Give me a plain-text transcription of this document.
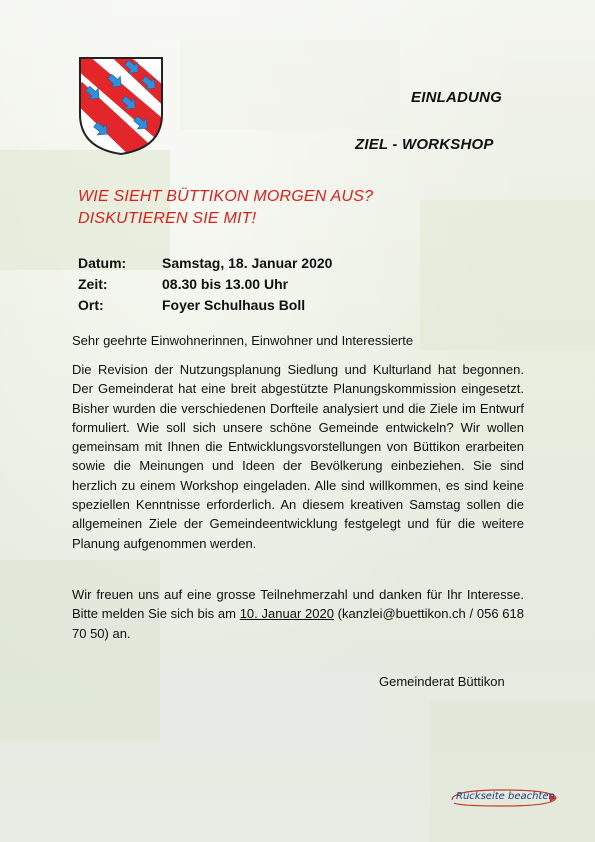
EINLADUNG
ZIEL - WORKSHOP
WIE SIEHT BÜTTIKON MORGEN AUS?
DISKUTIEREN SIE MIT!
Datum:	Samstag, 18. Januar 2020
Zeit:	08.30 bis 13.00 Uhr
Ort:	Foyer Schulhaus Boll
Sehr geehrte Einwohnerinnen, Einwohner und Interessierte
Die Revision der Nutzungsplanung Siedlung und Kulturland hat begonnen. Der Gemeinderat hat eine breit abgestützte Planungskommission eingesetzt. Bisher wurden die verschiedenen Dorfteile analysiert und die Ziele im Entwurf formuliert. Wie soll sich unsere schöne Gemeinde entwickeln? Wir wollen gemeinsam mit Ihnen die Entwicklungsvorstellungen von Büttikon erarbeiten sowie die Meinungen und Ideen der Bevölkerung einbeziehen. Sie sind herzlich zu einem Workshop eingeladen. Alle sind willkommen, es sind keine speziellen Kenntnisse erforderlich. An diesem kreativen Samstag sollen die allgemeinen Ziele der Gemeindeentwicklung festgelegt und für die weitere Planung aufgenommen werden.
Wir freuen uns auf eine grosse Teilnehmerzahl und danken für Ihr Interesse. Bitte melden Sie sich bis am 10. Januar 2020 (kanzlei@buettikon.ch / 056 618 70 50) an.
Gemeinderat Büttikon
Rückseite beachten
